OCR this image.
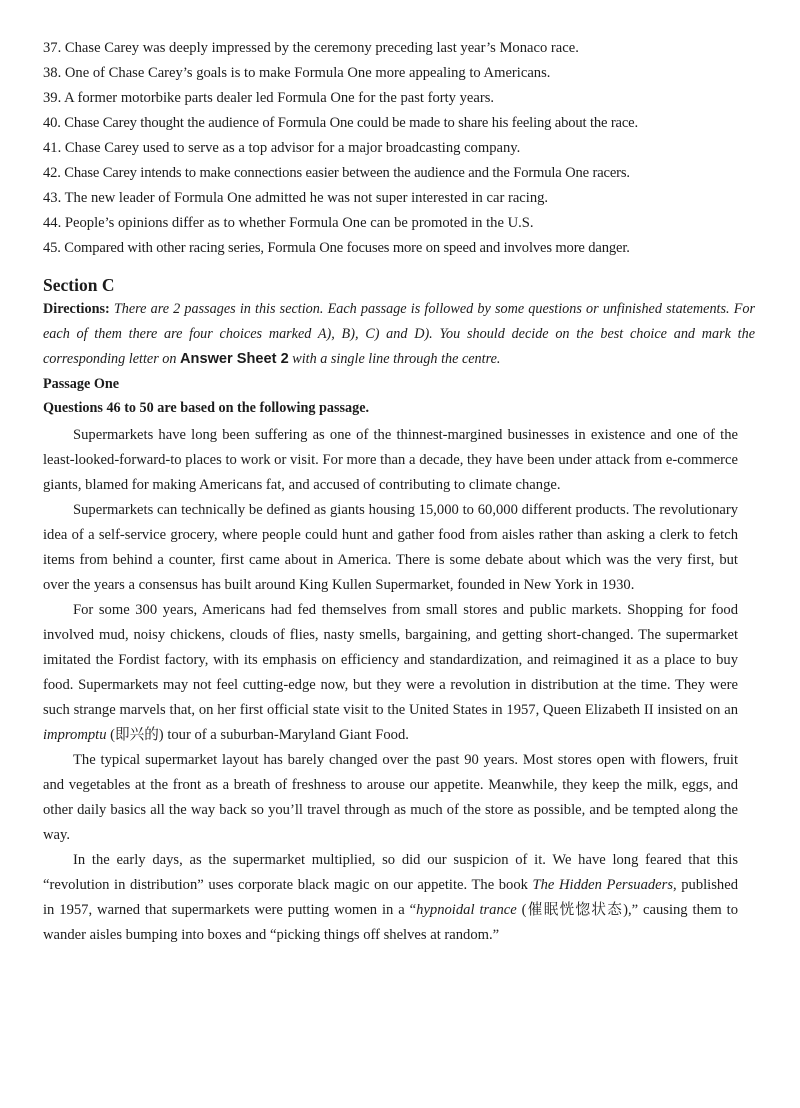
37. Chase Carey was deeply impressed by the ceremony preceding last year’s Monaco race.
38. One of Chase Carey’s goals is to make Formula One more appealing to Americans.
39. A former motorbike parts dealer led Formula One for the past forty years.
40. Chase Carey thought the audience of Formula One could be made to share his feeling about the race.
41. Chase Carey used to serve as a top advisor for a major broadcasting company.
42. Chase Carey intends to make connections easier between the audience and the Formula One racers.
43. The new leader of Formula One admitted he was not super interested in car racing.
44. People’s opinions differ as to whether Formula One can be promoted in the U.S.
45. Compared with other racing series, Formula One focuses more on speed and involves more danger.
Section C
Directions: There are 2 passages in this section. Each passage is followed by some questions or unfinished statements. For each of them there are four choices marked A), B), C) and D). You should decide on the best choice and mark the corresponding letter on Answer Sheet 2 with a single line through the centre.
Passage One
Questions 46 to 50 are based on the following passage.

Supermarkets have long been suffering as one of the thinnest-margined businesses in existence and one of the least-looked-forward-to places to work or visit. For more than a decade, they have been under attack from e-commerce giants, blamed for making Americans fat, and accused of contributing to climate change.

Supermarkets can technically be defined as giants housing 15,000 to 60,000 different products. The revolutionary idea of a self-service grocery, where people could hunt and gather food from aisles rather than asking a clerk to fetch items from behind a counter, first came about in America. There is some debate about which was the very first, but over the years a consensus has built around King Kullen Supermarket, founded in New York in 1930.

For some 300 years, Americans had fed themselves from small stores and public markets. Shopping for food involved mud, noisy chickens, clouds of flies, nasty smells, bargaining, and getting short-changed. The supermarket imitated the Fordist factory, with its emphasis on efficiency and standardization, and reimagined it as a place to buy food. Supermarkets may not feel cutting-edge now, but they were a revolution in distribution at the time. They were such strange marvels that, on her first official state visit to the United States in 1957, Queen Elizabeth II insisted on an impromptu (即兴的) tour of a suburban-Maryland Giant Food.

The typical supermarket layout has barely changed over the past 90 years. Most stores open with flowers, fruit and vegetables at the front as a breath of freshness to arouse our appetite. Meanwhile, they keep the milk, eggs, and other daily basics all the way back so you’ll travel through as much of the store as possible, and be tempted along the way.

In the early days, as the supermarket multiplied, so did our suspicion of it. We have long feared that this “revolution in distribution” uses corporate black magic on our appetite. The book The Hidden Persuaders, published in 1957, warned that supermarkets were putting women in a “hypnoidal trance (催眠恍惚状态),” causing them to wander aisles bumping into boxes and “picking things off shelves at random.”
